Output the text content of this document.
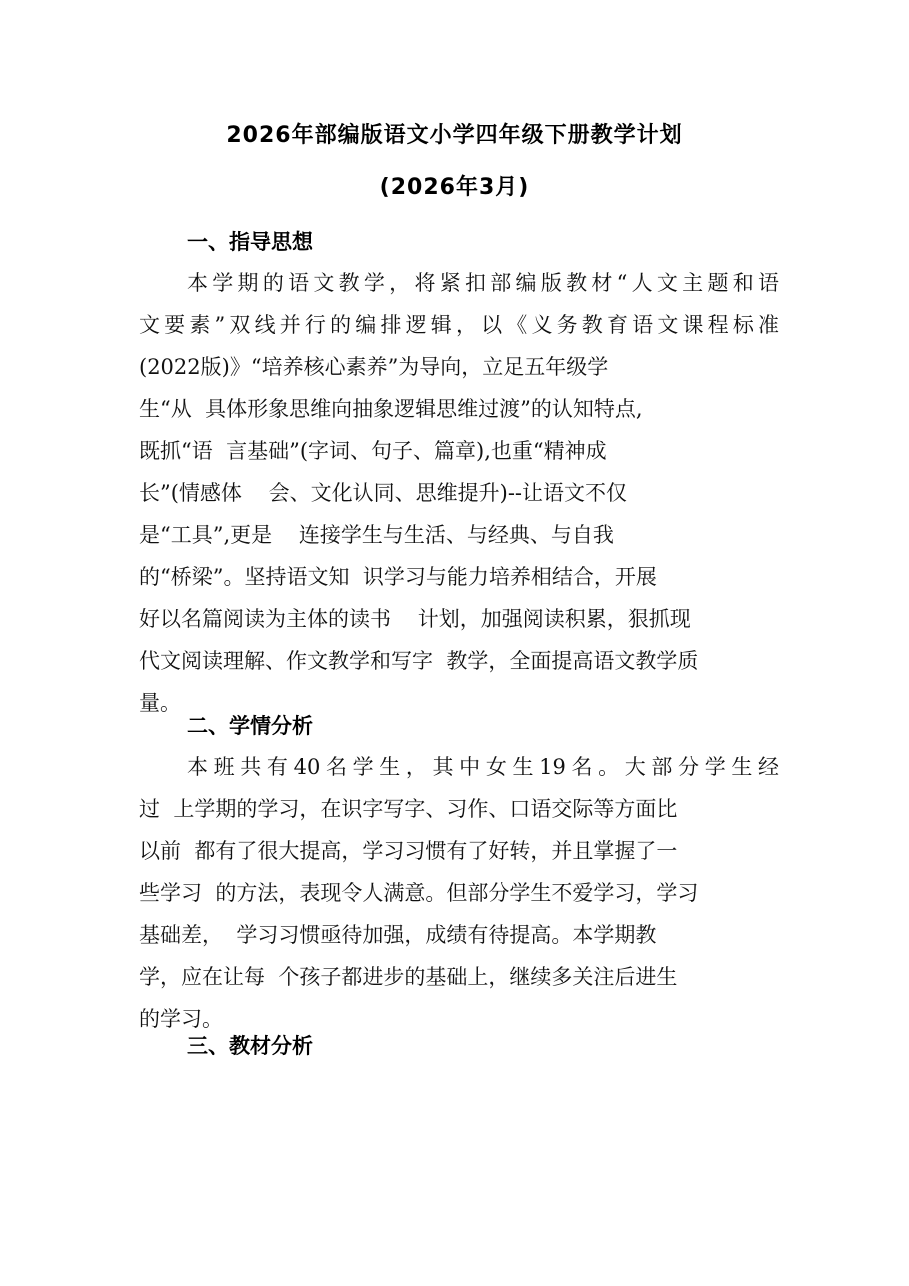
2026年部编版语文小学四年级下册教学计划
(2026年3月)
一、指导思想
本学期的语文教学，将紧扣部编版教材“人文主题和语
文要素”双线并行的编排逻辑，以《义务教育语文课程标准
(2022版)》“培养核心素养”为导向，立足五年级学
生“从  具体形象思维向抽象逻辑思维过渡”的认知特点,
既抓“语  言基础”(字词、句子、篇章),也重“精神成
长”(情感体    会、文化认同、思维提升)--让语文不仅
是“工具”,更是    连接学生与生活、与经典、与自我
的“桥梁”。坚持语文知  识学习与能力培养相结合，开展
好以名篇阅读为主体的读书    计划，加强阅读积累，狠抓现
代文阅读理解、作文教学和写字  教学，全面提高语文教学质
量。
二、学情分析
本班共有40名学生，其中女生19名。大部分学生经
过  上学期的学习，在识字写字、习作、口语交际等方面比
以前  都有了很大提高，学习习惯有了好转，并且掌握了一
些学习  的方法，表现令人满意。但部分学生不爱学习，学习
基础差，  学习习惯亟待加强，成绩有待提高。本学期教
学，应在让每  个孩子都进步的基础上，继续多关注后进生
的学习。
三、教材分析
